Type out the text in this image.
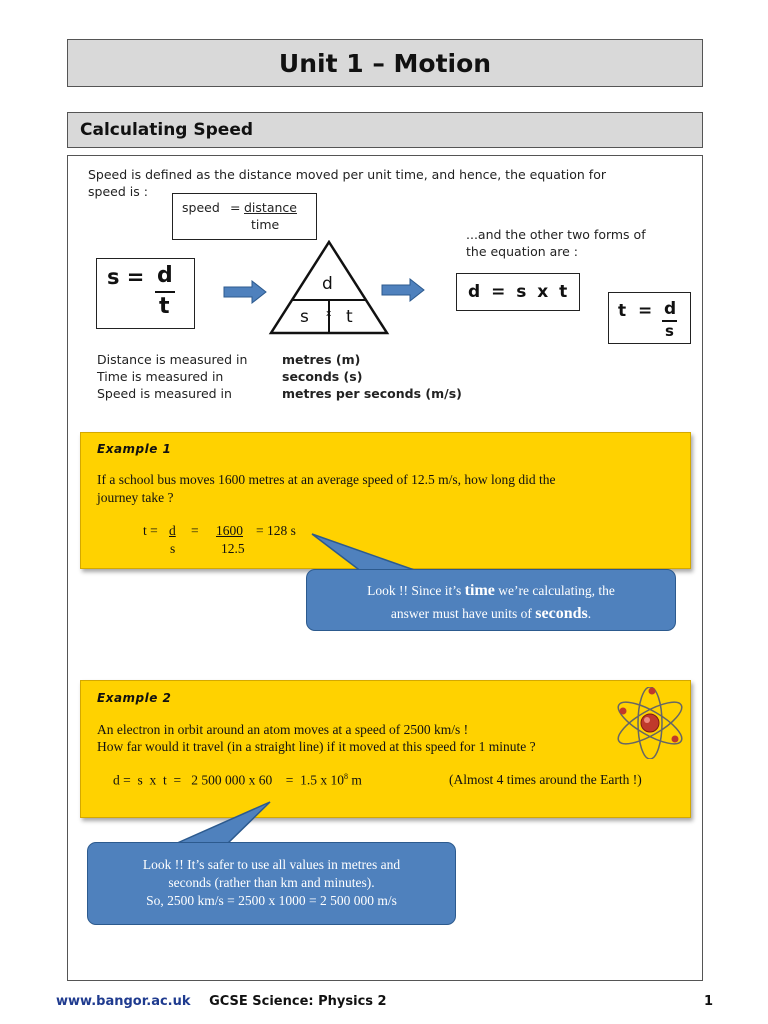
Unit 1 – Motion
Calculating Speed
Speed is defined as the distance moved per unit time, and hence, the equation for
speed is :
speed = distance
time
...and the other two forms of
the equation are :
s = d
t
d
s x t
d = s x t
t = d
s
Distance is measured in
Time is measured in
Speed is measured in
metres (m)
seconds (s)
metres per seconds (m/s)
Example 1
If a school bus moves 1600 metres at an average speed of 12.5 m/s, how long did the
journey take ?
t = d
s
= 1600
12.5
= 128 s
Look !! Since it’s time we’re calculating, the
answer must have units of seconds.
Example 2
An electron in orbit around an atom moves at a speed of 2500 km/s !
How far would it travel (in a straight line) if it moved at this speed for 1 minute ?
d =  s  x  t  =   2 500 000 x 60    =  1.5 x $10^8$ m	(Almost 4 times around the Earth !)
Look !! It’s safer to use all values in metres and
seconds (rather than km and minutes).
So, 2500 km/s = 2500 x 1000 = 2 500 000 m/s
www.bangor.ac.uk GCSE Science: Physics 2	1
